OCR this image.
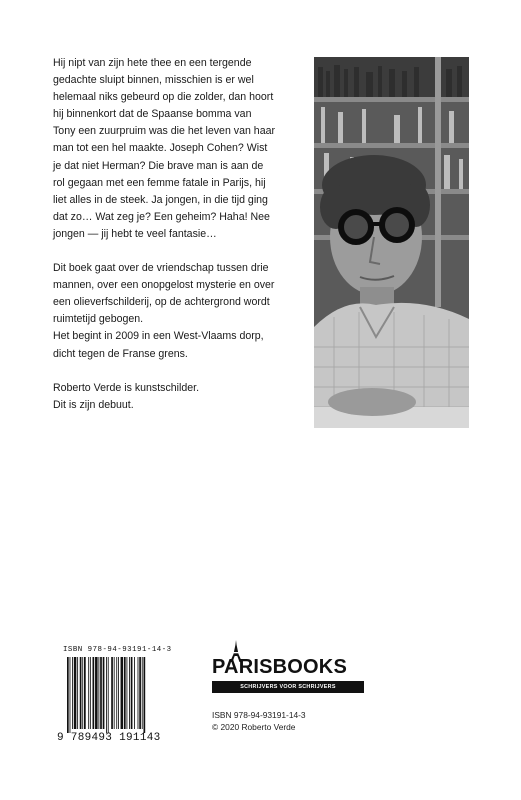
Hij nipt van zijn hete thee en een tergende
gedachte sluipt binnen, misschien is er wel
helemaal niks gebeurd op die zolder, dan hoort
hij binnenkort dat de Spaanse bomma van
Tony een zuurpruim was die het leven van haar
man tot een hel maakte. Joseph Cohen? Wist
je dat niet Herman? Die brave man is aan de
rol gegaan met een femme fatale in Parijs, hij
liet alles in de steek. Ja jongen, in die tijd ging
dat zo… Wat zeg je? Een geheim? Haha! Nee
jongen — jij hebt te veel fantasie…

Dit boek gaat over de vriendschap tussen drie
mannen, over een onopgelost mysterie en over
een olieverfschilderij, op de achtergrond wordt
ruimtetijd gebogen.
Het begint in 2009 in een West-Vlaams dorp,
dicht tegen de Franse grens.

Roberto Verde is kunstschilder.
Dit is zijn debuut.

ISBN 978-94-93191-14-3
9 789493 191143
PARISBOOKS
SCHRIJVERS VOOR SCHRIJVERS
ISBN 978-94-93191-14-3
© 2020 Roberto Verde
